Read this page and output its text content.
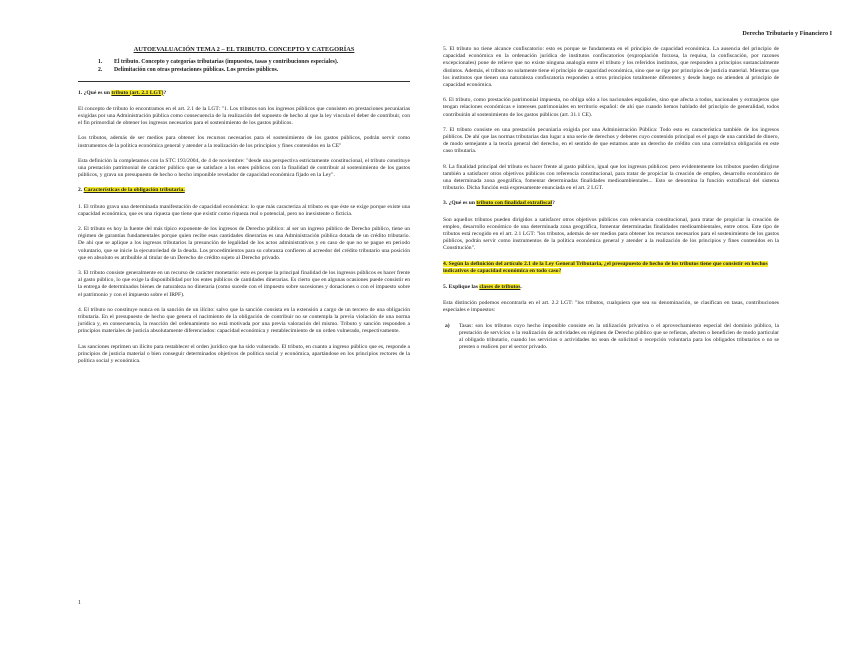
Derecho Tributario y Financiero I
AUTOEVALUACIÓN TEMA 2 – EL TRIBUTO. CONCEPTO Y CATEGORÍAS
1. El tributo. Concepto y categorías tributarias (impuestos, tasas y contribuciones especiales).
2. Delimitación con otras prestaciones públicas. Los precios públicos.
1. ¿Qué es un tributo (art. 2.1 LGT)?
El concepto de tributo lo encontramos en el art. 2.1 de la LGT: "1. Los tributos son los ingresos públicos que consisten en prestaciones pecuniarias exigidas por una Administración pública como consecuencia de la realización del supuesto de hecho al que la ley vincula el deber de contribuir, con el fin primordial de obtener los ingresos necesarios para el sostenimiento de los gastos públicos.
Los tributos, además de ser medios para obtener los recursos necesarios para el sostenimiento de los gastos públicos, podrán servir como instrumentos de la política económica general y atender a la realización de los principios y fines contenidos en la CE"
Esta definición la completamos con la STC 193/2004, de 4 de noviembre: "desde una perspectiva estrictamente constitucional, el tributo constituye una prestación patrimonial de carácter público que se satisface a los entes públicos con la finalidad de contribuir al sostenimiento de los gastos públicos, y grava un presupuesto de hecho o hecho imponible revelador de capacidad económica fijado en la Ley".
2. Características de la obligación tributaria.
1. El tributo grava una determinada manifestación de capacidad económica: lo que más caracteriza al tributo es que éste se exige porque existe una capacidad económica, que es una riqueza que tiene que existir como riqueza real o potencial, pero no inexistente o ficticia.
2. El tributo es hoy la fuente del más típico exponente de los ingresos de Derecho público: al ser un ingreso público de Derecho público, tiene un régimen de garantías fundamentales porque quien recibe esas cantidades dinerarias es una Administración pública dotada de un crédito tributario. De ahí que se aplique a los ingresos tributarios la presunción de legalidad de los actos administrativos y en caso de que no se pague en periodo voluntario, que se inicie la ejecutoriedad de la deuda. Los procedimientos para su cobranza confieren al acreedor del crédito tributario una posición que en absoluto es atribuible al titular de un Derecho de crédito sujeto al Derecho privado.
3. El tributo consiste generalmente en un recurso de carácter monetario: esto es porque la principal finalidad de los ingresos públicos es hacer frente al gasto público, lo que exige la disponibilidad por los entes públicos de cantidades dinerarias. Es cierto que en algunas ocasiones puede consistir en la entrega de determinados bienes de naturaleza no dineraria (como sucede con el impuesto sobre sucesiones y donaciones o con el impuesto sobre el patrimonio y con el impuesto sobre el IRPF).
4. El tributo no constituye nunca en la sanción de un ilícito: salvo que la sanción consista en la extensión a cargo de un tercero de una obligación tributaria. En el presupuesto de hecho que genera el nacimiento de la obligación de contribuir no se contempla la previa violación de una norma jurídica y, en consecuencia, la reacción del ordenamiento no está motivada por una previa valoración del mismo. Tributo y sanción responden a principios materiales de justicia absolutamente diferenciados: capacidad económica y restablecimiento de un orden vulnerado, respectivamente.
Las sanciones reprimen un ilícito para restablecer el orden jurídico que ha sido vulnerado. El tributo, en cuanto a ingreso público que es, responde a principios de justicia material o bien conseguir determinados objetivos de política social y económica, apartándose en los principios rectores de la política social y económica.
5. El tributo no tiene alcance confiscatorio: esto es porque se fundamenta en el principio de capacidad económica. La ausencia del principio de capacidad económica en la ordenación jurídica de institutos confiscatorios (expropiación forzosa, la requisa, la confiscación, por razones excepcionales) pone de relieve que no existe ninguna analogía entre el tributo y los referidos institutos, que responden a principios sustancialmente distintos. Además, el tributo no solamente tiene el principio de capacidad económica, sino que se rige por principios de justicia material. Mientras que los institutos que tienen una naturaleza confiscatoria responden a otros principios totalmente diferentes y desde luego no atienden al principio de capacidad económica.
6. El tributo, como prestación patrimonial impuesta, no obliga sólo a los nacionales españoles, sino que afecta a todos, nacionales y extranjeros que tengan relaciones económicas e intereses patrimoniales en territorio español: de ahí que cuando hemos hablado del principio de generalidad, todos contribuirán al sostenimiento de los gastos públicos (art. 31.1 CE).
7. El tributo consiste en una prestación pecuniaria exigida por una Administración Pública: Todo esto es característica también de los ingresos públicos. De ahí que las normas tributarias dan lugar a una serie de derechos y deberes cuyo contenido principal es el pago de una cantidad de dinero, de modo semejante a la teoría general del derecho, en el sentido de que estamos ante un derecho de crédito con una correlativa obligación en este caso tributaria.
8. La finalidad principal del tributo es hacer frente al gasto público, igual que los ingresos públicos: pero evidentemente los tributos pueden dirigirse también a satisfacer otros objetivos públicos con referencia constitucional, para tratar de propiciar la creación de empleo, desarrollo económico de una determinada zona geográfica, fomentar determinadas finalidades medioambientales... Esto se denomina la función extrafiscal del sistema tributario. Dicha función está expresamente enunciada en el art. 2 LGT.
3. ¿Qué es un tributo con finalidad extrafiscal?
Son aquellos tributos pueden dirigidos a satisfacer otros objetivos públicos con relevancia constitucional, para tratar de propiciar la creación de empleo, desarrollo económico de una determinada zona geográfica, fomentar determinadas finalidades medioambientales, entre otros. Este tipo de tributos está recogido en el art. 2.1 LGT: "los tributos, además de ser medios para obtener los recursos necesarios para el sostenimiento de los gastos públicos, podrán servir como instrumentos de la política económica general y atender a la realización de los principios y fines contenidos en la Constitución".
4. Según la definición del artículo 2.1 de la Ley General Tributaria, ¿el presupuesto de hecho de los tributos tiene que consistir en hechos indicativos de capacidad económica en todo caso?
5. Explique las clases de tributos.
Esta distinción podemos encontrarla en el art. 2.2 LGT: "los tributos, cualquiera que sea su denominación, se clasifican en tasas, contribuciones especiales e impuestos:
a)	Tasas: son los tributos cuyo hecho imponible consiste en la utilización privativa o el aprovechamiento especial del dominio público, la prestación de servicios o la realización de actividades en régimen de Derecho público que se refieran, afecten o beneficien de modo particular al obligado tributario, cuando los servicios o actividades no sean de solicitud o recepción voluntaria para los obligados tributarios o no se presten o realicen por el sector privado.
1
